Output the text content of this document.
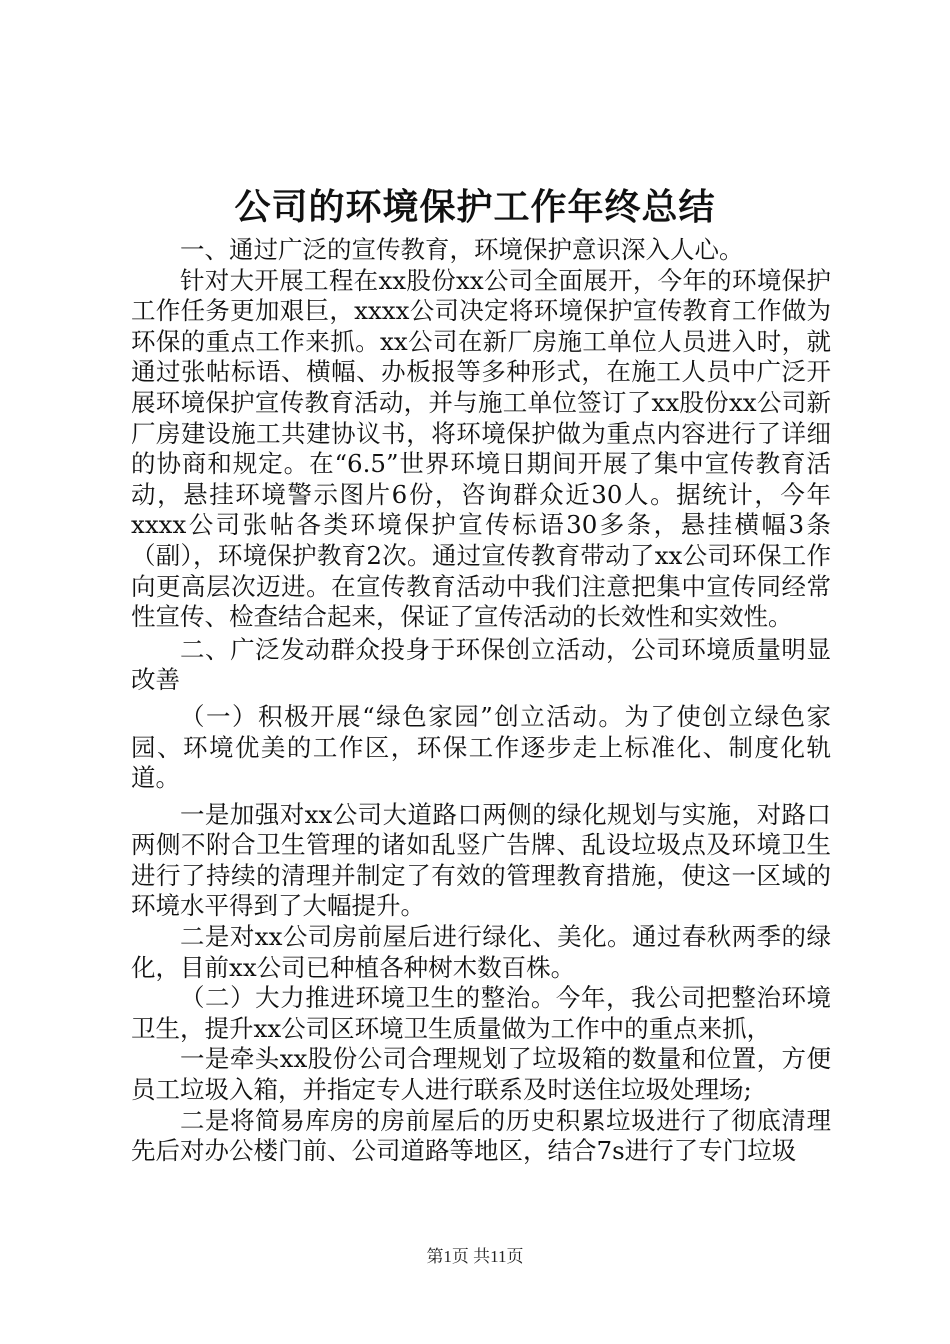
公司的环境保护工作年终总结

一、通过广泛的宣传教育，环境保护意识深入人心。

针对大开展工程在xx股份xx公司全面展开，今年的环境保护工作任务更加艰巨，xxxx公司决定将环境保护宣传教育工作做为环保的重点工作来抓。xx公司在新厂房施工单位人员进入时，就通过张帖标语、横幅、办板报等多种形式，在施工人员中广泛开展环境保护宣传教育活动，并与施工单位签订了xx股份xx公司新厂房建设施工共建协议书，将环境保护做为重点内容进行了详细的协商和规定。在“6.5”世界环境日期间开展了集中宣传教育活动，悬挂环境警示图片6份，咨询群众近30人。据统计，今年xxxx公司张帖各类环境保护宣传标语30多条，悬挂横幅3条（副），环境保护教育2次。通过宣传教育带动了xx公司环保工作向更高层次迈进。在宣传教育活动中我们注意把集中宣传同经常性宣传、检查结合起来，保证了宣传活动的长效性和实效性。

二、广泛发动群众投身于环保创立活动，公司环境质量明显改善

（一）积极开展“绿色家园”创立活动。为了使创立绿色家园、环境优美的工作区，环保工作逐步走上标准化、制度化轨道。

一是加强对xx公司大道路口两侧的绿化规划与实施，对路口两侧不附合卫生管理的诸如乱竖广告牌、乱设垃圾点及环境卫生进行了持续的清理并制定了有效的管理教育措施，使这一区域的环境水平得到了大幅提升。

二是对xx公司房前屋后进行绿化、美化。通过春秋两季的绿化，目前xx公司已种植各种树木数百株。

（二）大力推进环境卫生的整治。今年，我公司把整治环境卫生，提升xx公司区环境卫生质量做为工作中的重点来抓，

一是牵头xx股份公司合理规划了垃圾箱的数量和位置，方便员工垃圾入箱，并指定专人进行联系及时送住垃圾处理场;

二是将简易库房的房前屋后的历史积累垃圾进行了彻底清理先后对办公楼门前、公司道路等地区，结合7s进行了专门垃圾

第1页 共11页
